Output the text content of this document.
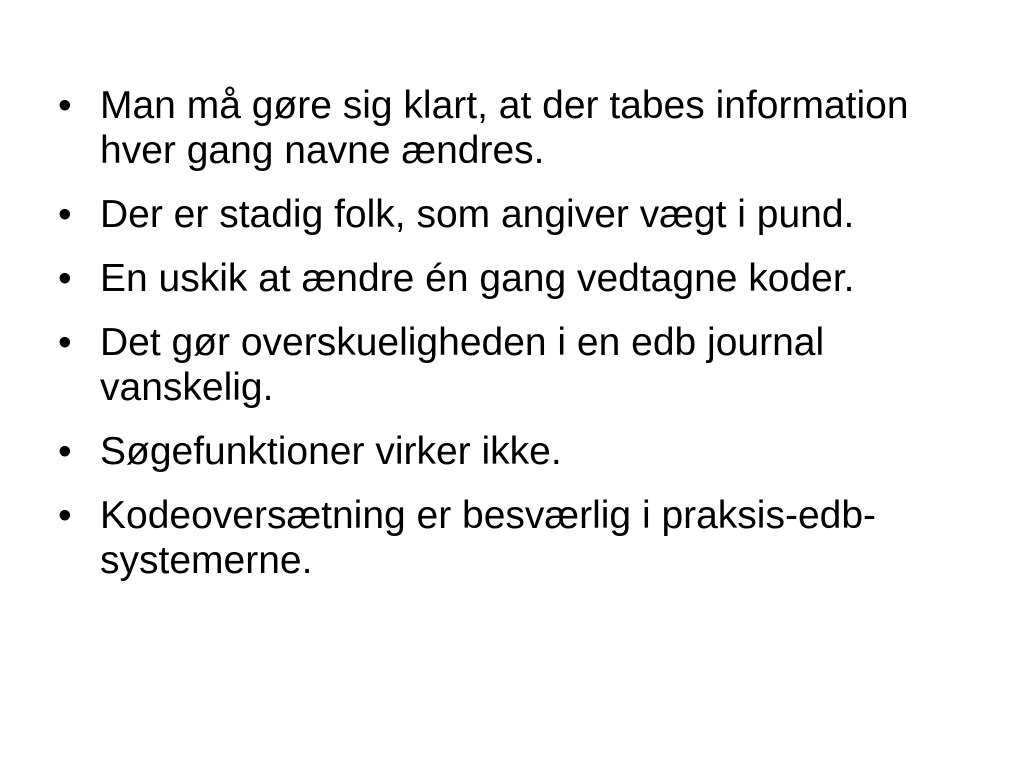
• Man må gøre sig klart, at der tabes information hver gang navne ændres.
• Der er stadig folk, som angiver vægt i pund.
• En uskik at ændre én gang vedtagne koder.
• Det gør overskueligheden i en edb journal vanskelig.
• Søgefunktioner virker ikke.
• Kodeoversætning er besværlig i praksis-edb-systemerne.
